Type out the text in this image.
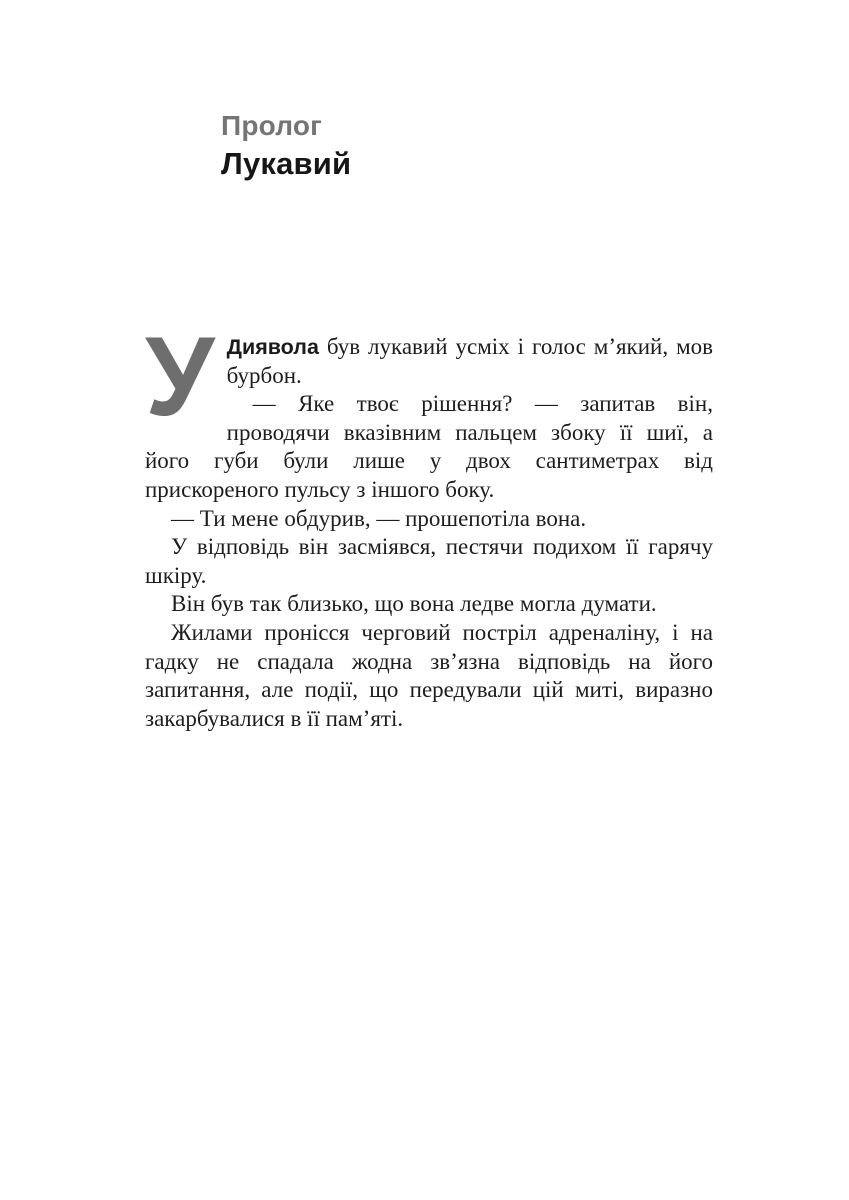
Пролог
Лукавий

У Диявола був лукавий усміх і голос м’який, мов бурбон.

— Яке твоє рішення? — запитав він, проводячи вказівним пальцем збоку її шиї, а його губи були лише у двох сантиметрах від прискореного пульсу з іншого боку.

— Ти мене обдурив, — прошепотіла вона.

У відповідь він засміявся, пестячи подихом її гарячу шкіру.

Він був так близько, що вона ледве могла думати.

Жилами пронісся черговий постріл адреналіну, і на гадку не спадала жодна зв’язна відповідь на його запитання, але події, що передували цій миті, виразно закарбувалися в її пам’яті.
